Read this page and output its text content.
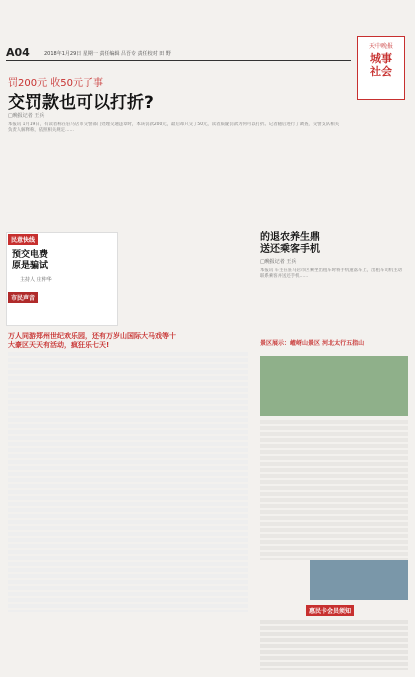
A04	2018年1月29日 星期一 责任编辑 吕吾专 责任校对 田 野
天中晚报
城事
社会
罚200元 收50元了事
交罚款也可以打折?
□晚报记者 王兵
本报讯 1月19日，有读者称在驻马店市交警部门处理交通违章时，本该罚款200元，最后却只交了50元，读者质疑罚款为何可以打折。记者随后进行了调查，交警支队相关负责人解释称，依照相关规定……
的退农养生鼎
送还乘客手机
□晚报记者 王兵
本报讯 车主在驻马店市区乘坐出租车时将手机遗落车上，出租车司机主动联系乘客并送还手机……
民意快线
预交电费
原是骗试
主持人 庄仲华
市民声音
万人同游郑州世纪欢乐园，还有万岁山国际大马戏等十
大豪区天天有活动，疯狂乐七天!	景区展示：嵖岈山景区 河北太行五指山
惠民卡会员须知
